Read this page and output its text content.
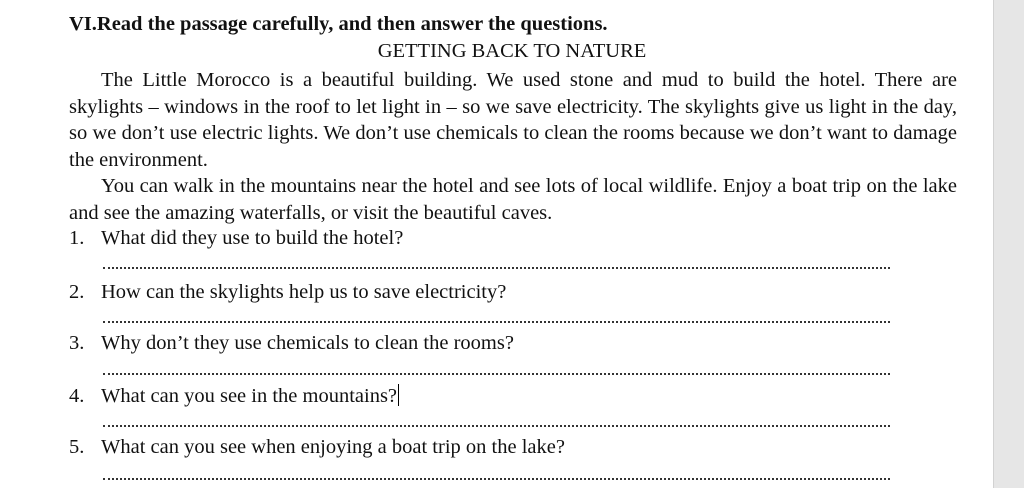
VI.Read the passage carefully, and then answer the questions.
GETTING BACK TO NATURE
The Little Morocco is a beautiful building. We used stone and mud to build the hotel. There are skylights – windows in the roof to let light in – so we save electricity. The skylights give us light in the day, so we don’t use electric lights. We don’t use chemicals to clean the rooms because we don’t want to damage the environment.
You can walk in the mountains near the hotel and see lots of local wildlife. Enjoy a boat trip on the lake and see the amazing waterfalls, or visit the beautiful caves.
1. What did they use to build the hotel?
2. How can the skylights help us to save electricity?
3. Why don’t they use chemicals to clean the rooms?
4. What can you see in the mountains?
5. What can you see when enjoying a boat trip on the lake?
